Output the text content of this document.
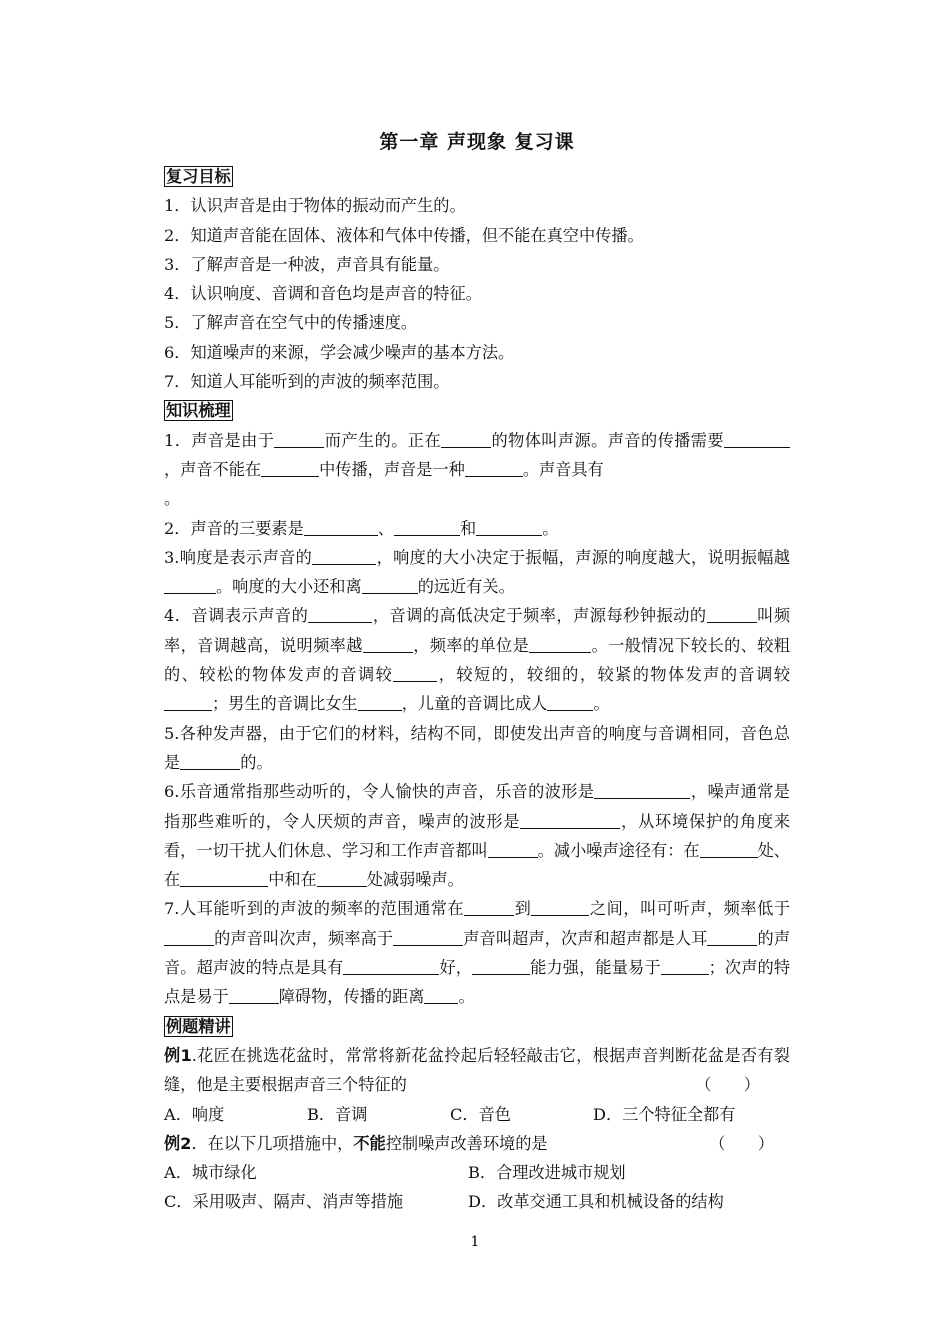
第一章 声现象 复习课
复习目标
1．认识声音是由于物体的振动而产生的。
2．知道声音能在固体、液体和气体中传播，但不能在真空中传播。
3．了解声音是一种波，声音具有能量。
4．认识响度、音调和音色均是声音的特征。
5．了解声音在空气中的传播速度。
6．知道噪声的来源，学会减少噪声的基本方法。
7．知道人耳能听到的声波的频率范围。
知识梳理

1．声音是由于	而产生的。正在	的物体叫声源。声音的传播需要，声音不能在	中传播，声音是一种	。声音具有
。

2．声音的三要素是	、	和	。

3.响度是表示声音的	，响度的大小决定于振幅，声源的响度越大，说明振幅越。响度的大小还和离	的远近有关。

4．音调表示声音的	，音调的高低决定于频率，声源每秒钟振动的	叫频率，音调越高，说明频率越	，频率的单位是	。一般情况下较长的、较粗的、较松的物体发声的音调较	，较短的，较细的，较紧的物体发声的音调较；男生的音调比女生	，儿童的音调比成人	。

5.各种发声器，由于它们的材料，结构不同，即使发出声音的响度与音调相同，音色总是	的。

6.乐音通常指那些动听的，令人愉快的声音，乐音的波形是	，噪声通常是指那些难听的，令人厌烦的声音，噪声的波形是	，从环境保护的角度来看，一切干扰人们休息、学习和工作声音都叫	。减小噪声途径有：在	处、在	中和在	处减弱噪声。

7.人耳能听到的声波的频率的范围通常在	到	之间，叫可听声，频率低于的声音叫次声，频率高于	声音叫超声，次声和超声都是人耳	的声音。超声波的特点是具有	好，	能力强，能量易于	；次声的特点是易于	障碍物，传播的距离 。

例题精讲

例1.花匠在挑选花盆时，常常将新花盆拎起后轻轻敲击它，根据声音判断花盆是否有裂缝，他是主要根据声音三个特征的	（　　）

A．响度	B．音调	C．音色	D．三个特征全都有

例2．在以下几项措施中，不能控制噪声改善环境的是	（　　）

A．城市绿化	B．合理改进城市规划
C．采用吸声、隔声、消声等措施	D．改革交通工具和机械设备的结构
1
